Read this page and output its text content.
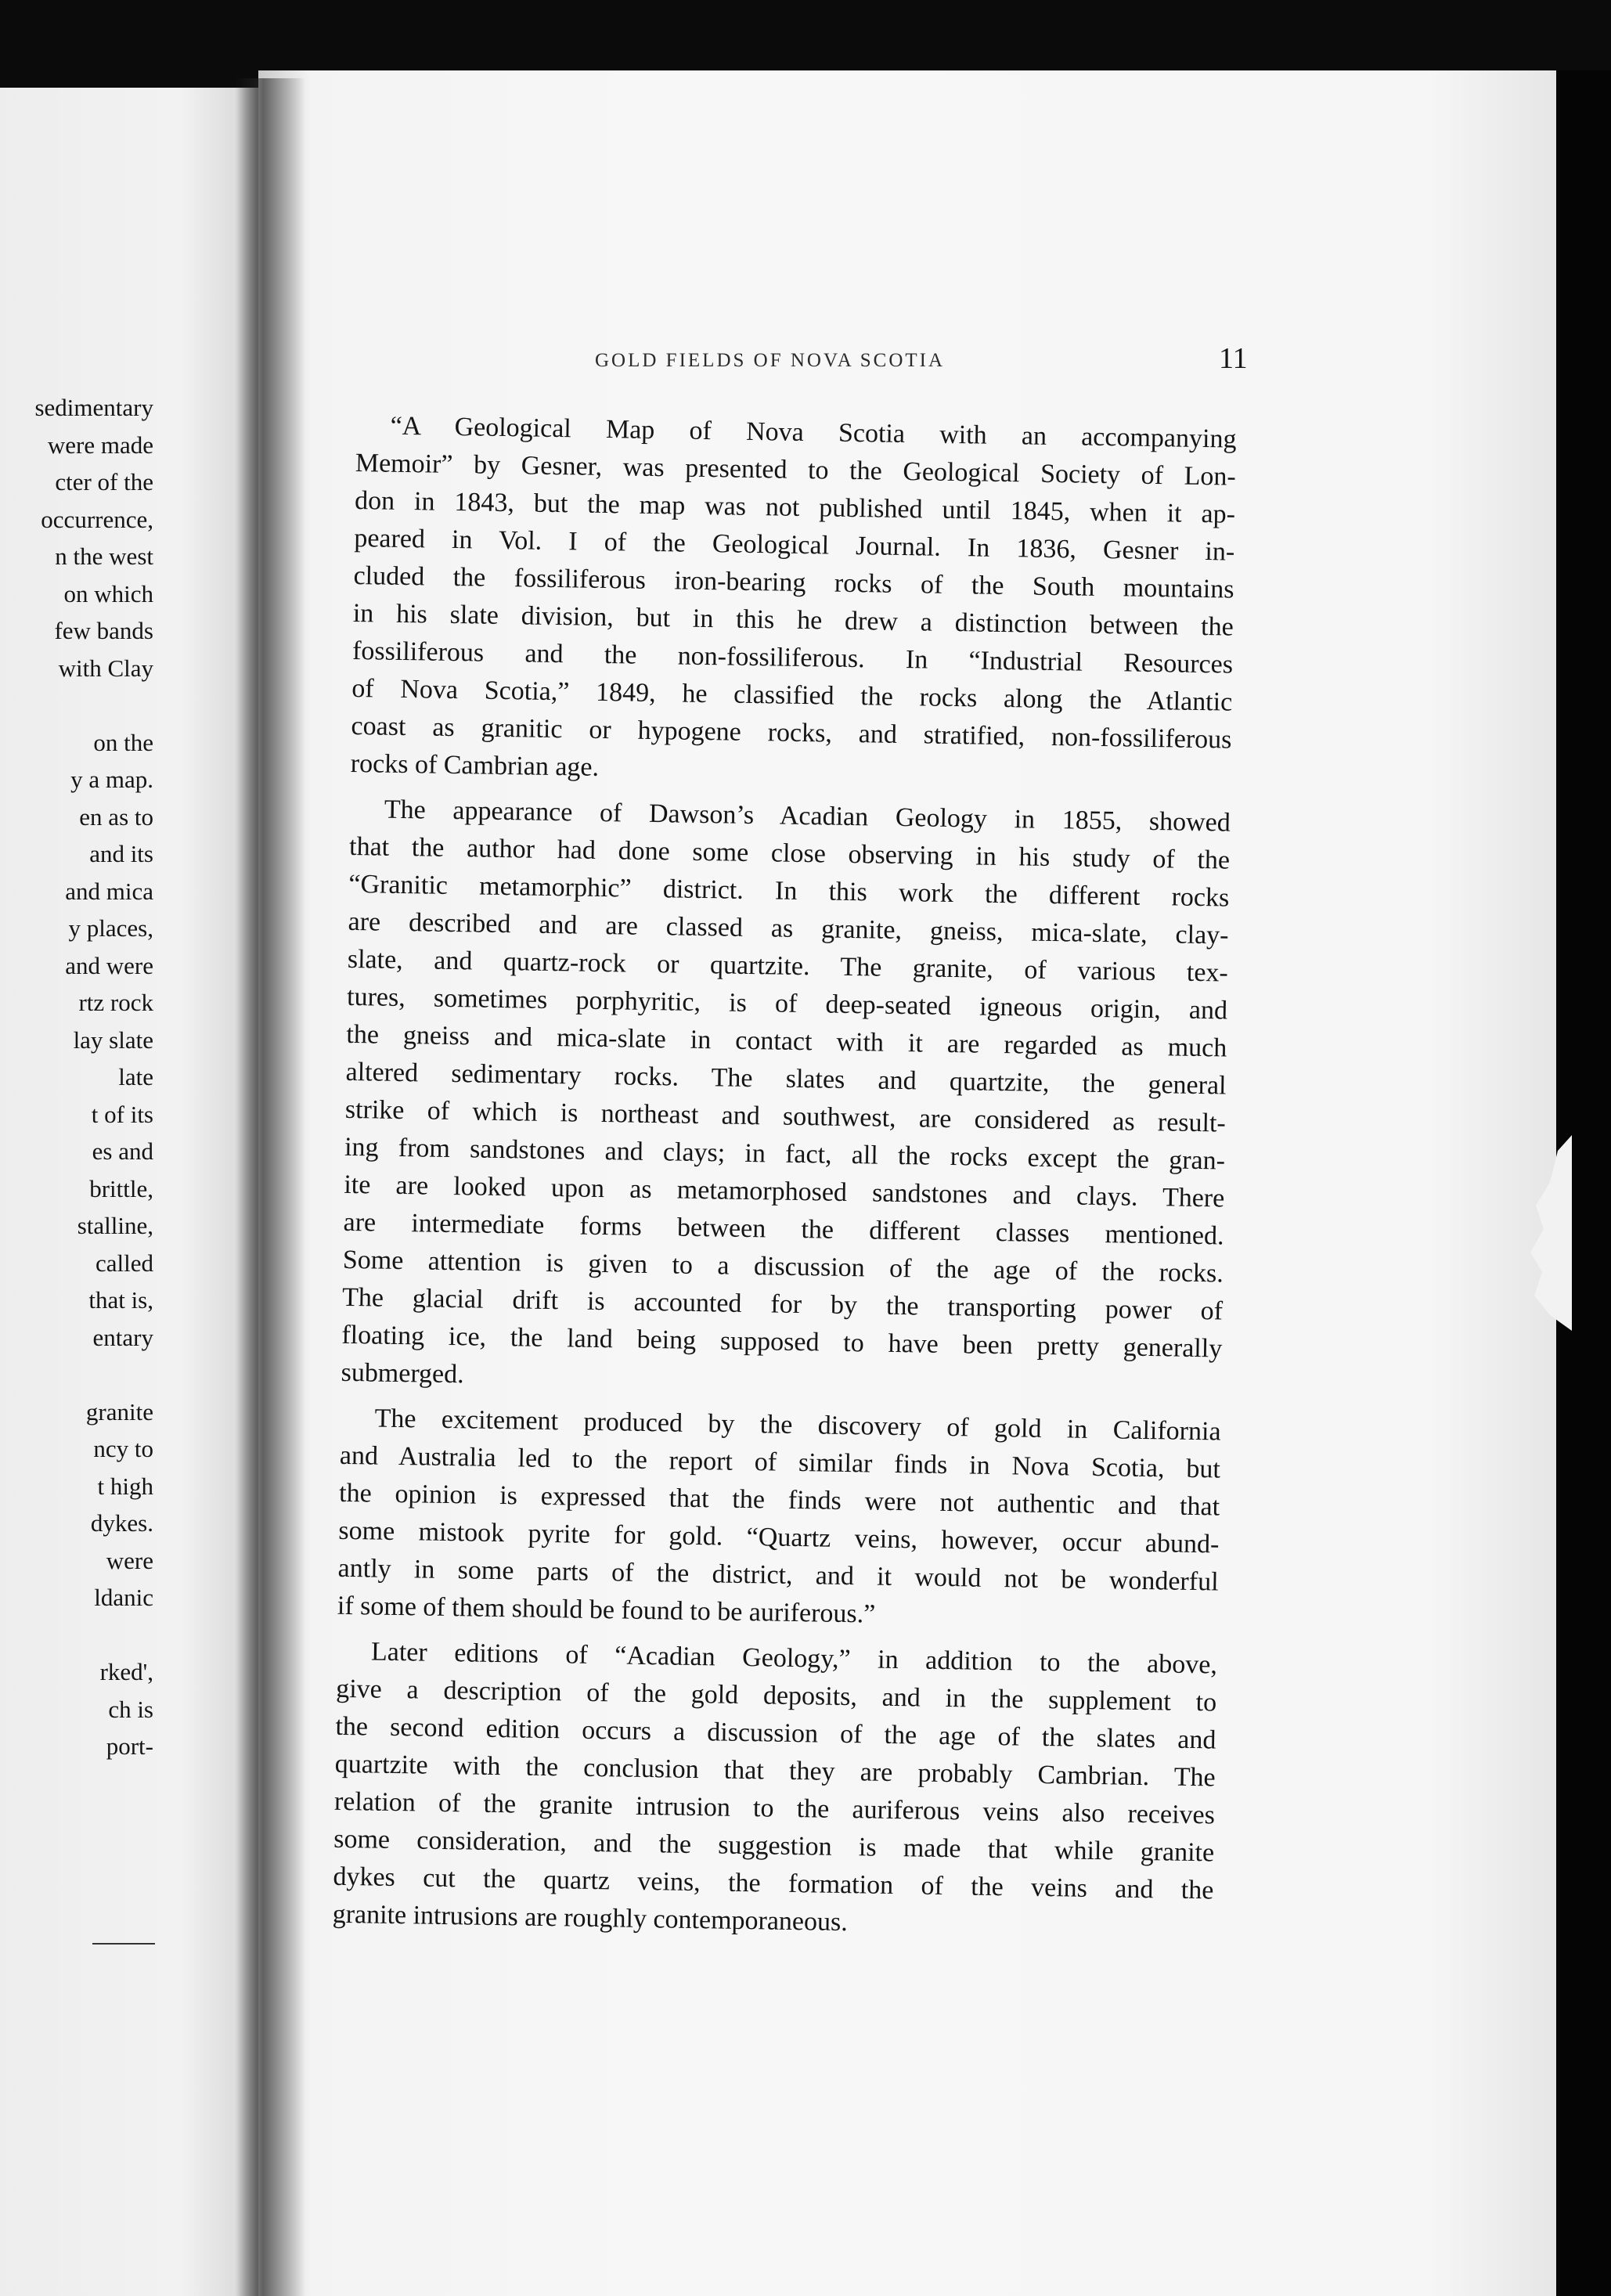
sedimentary
were made
cter of the
occurrence,
n the west
on which
few bands
with Clay
on the
y a map.
en as to
and its
and mica
y places,
and were
rtz rock
lay slate
late
t of its
es and
brittle,
stalline,
called
that is,
entary
granite
ncy to
t high
dykes.
were
ldanic
rked',
ch is
port-
GOLD FIELDS OF NOVA SCOTIA	11
“A Geological Map of Nova Scotia with an accompanying
Memoir” by Gesner, was presented to the Geological Society of Lon-
don in 1843, but the map was not published until 1845, when it ap-
peared in Vol. I of the Geological Journal. In 1836, Gesner in-
cluded the fossiliferous iron-bearing rocks of the South mountains
in his slate division, but in this he drew a distinction between the
fossiliferous and the non-fossiliferous. In “Industrial Resources
of Nova Scotia,” 1849, he classified the rocks along the Atlantic
coast as granitic or hypogene rocks, and stratified, non-fossiliferous
rocks of Cambrian age.
The appearance of Dawson’s Acadian Geology in 1855, showed
that the author had done some close observing in his study of the
“Granitic metamorphic” district. In this work the different rocks
are described and are classed as granite, gneiss, mica-slate, clay-
slate, and quartz-rock or quartzite. The granite, of various tex-
tures, sometimes porphyritic, is of deep-seated igneous origin, and
the gneiss and mica-slate in contact with it are regarded as much
altered sedimentary rocks. The slates and quartzite, the general
strike of which is northeast and southwest, are considered as result-
ing from sandstones and clays; in fact, all the rocks except the gran-
ite are looked upon as metamorphosed sandstones and clays. There
are intermediate forms between the different classes mentioned.
Some attention is given to a discussion of the age of the rocks.
The glacial drift is accounted for by the transporting power of
floating ice, the land being supposed to have been pretty generally
submerged.
The excitement produced by the discovery of gold in California
and Australia led to the report of similar finds in Nova Scotia, but
the opinion is expressed that the finds were not authentic and that
some mistook pyrite for gold. “Quartz veins, however, occur abund-
antly in some parts of the district, and it would not be wonderful
if some of them should be found to be auriferous.”
Later editions of “Acadian Geology,” in addition to the above,
give a description of the gold deposits, and in the supplement to
the second edition occurs a discussion of the age of the slates and
quartzite with the conclusion that they are probably Cambrian. The
relation of the granite intrusion to the auriferous veins also receives
some consideration, and the suggestion is made that while granite
dykes cut the quartz veins, the formation of the veins and the
granite intrusions are roughly contemporaneous.
